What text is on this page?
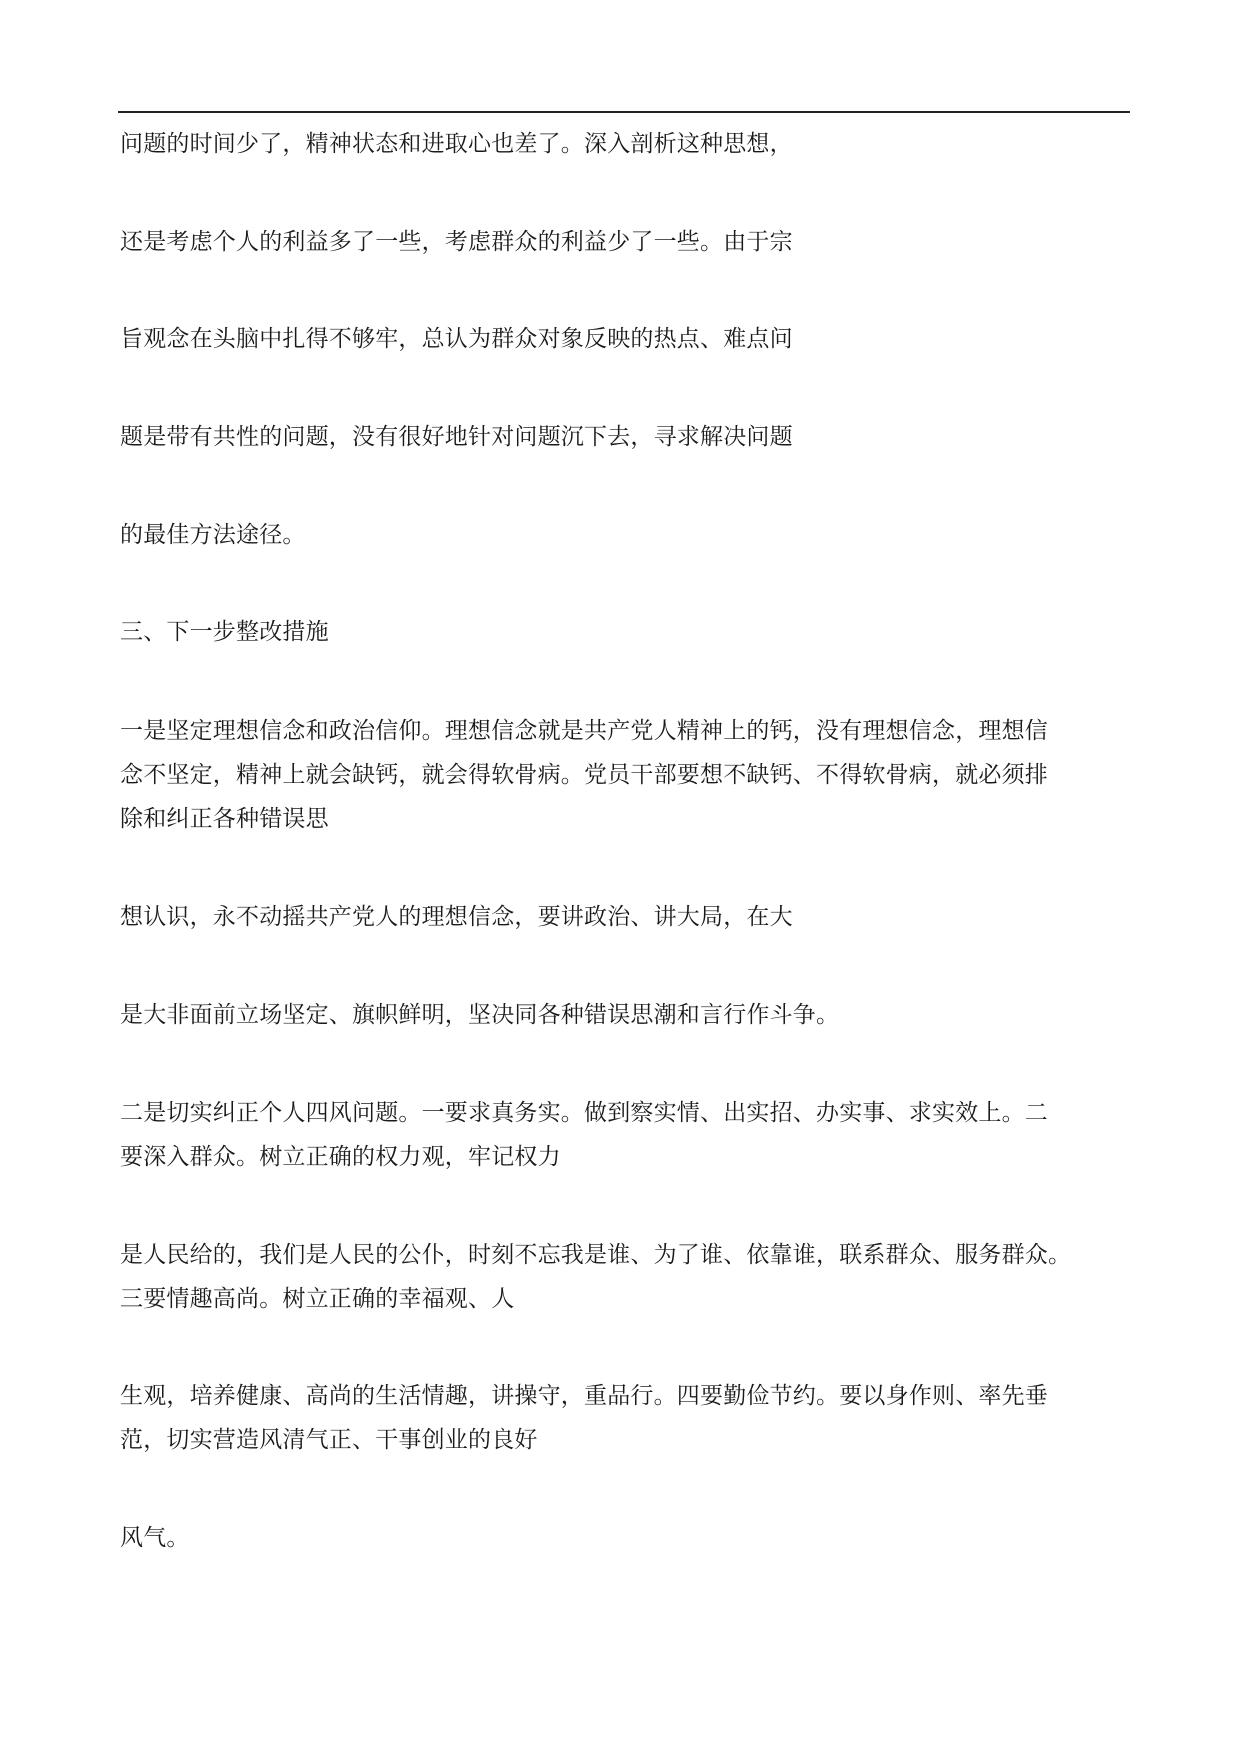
问题的时间少了，精神状态和进取心也差了。深入剖析这种思想，
还是考虑个人的利益多了一些，考虑群众的利益少了一些。由于宗
旨观念在头脑中扎得不够牢，总认为群众对象反映的热点、难点问
题是带有共性的问题，没有很好地针对问题沉下去，寻求解决问题
的最佳方法途径。
三、下一步整改措施
一是坚定理想信念和政治信仰。理想信念就是共产党人精神上的钙，没有理想信念，理想信
念不坚定，精神上就会缺钙，就会得软骨病。党员干部要想不缺钙、不得软骨病，就必须排
除和纠正各种错误思
想认识，永不动摇共产党人的理想信念，要讲政治、讲大局，在大
是大非面前立场坚定、旗帜鲜明，坚决同各种错误思潮和言行作斗争。
二是切实纠正个人四风问题。一要求真务实。做到察实情、出实招、办实事、求实效上。二
要深入群众。树立正确的权力观，牢记权力
是人民给的，我们是人民的公仆，时刻不忘我是谁、为了谁、依靠谁，联系群众、服务群众。
三要情趣高尚。树立正确的幸福观、人
生观，培养健康、高尚的生活情趣，讲操守，重品行。四要勤俭节约。要以身作则、率先垂
范，切实营造风清气正、干事创业的良好
风气。
